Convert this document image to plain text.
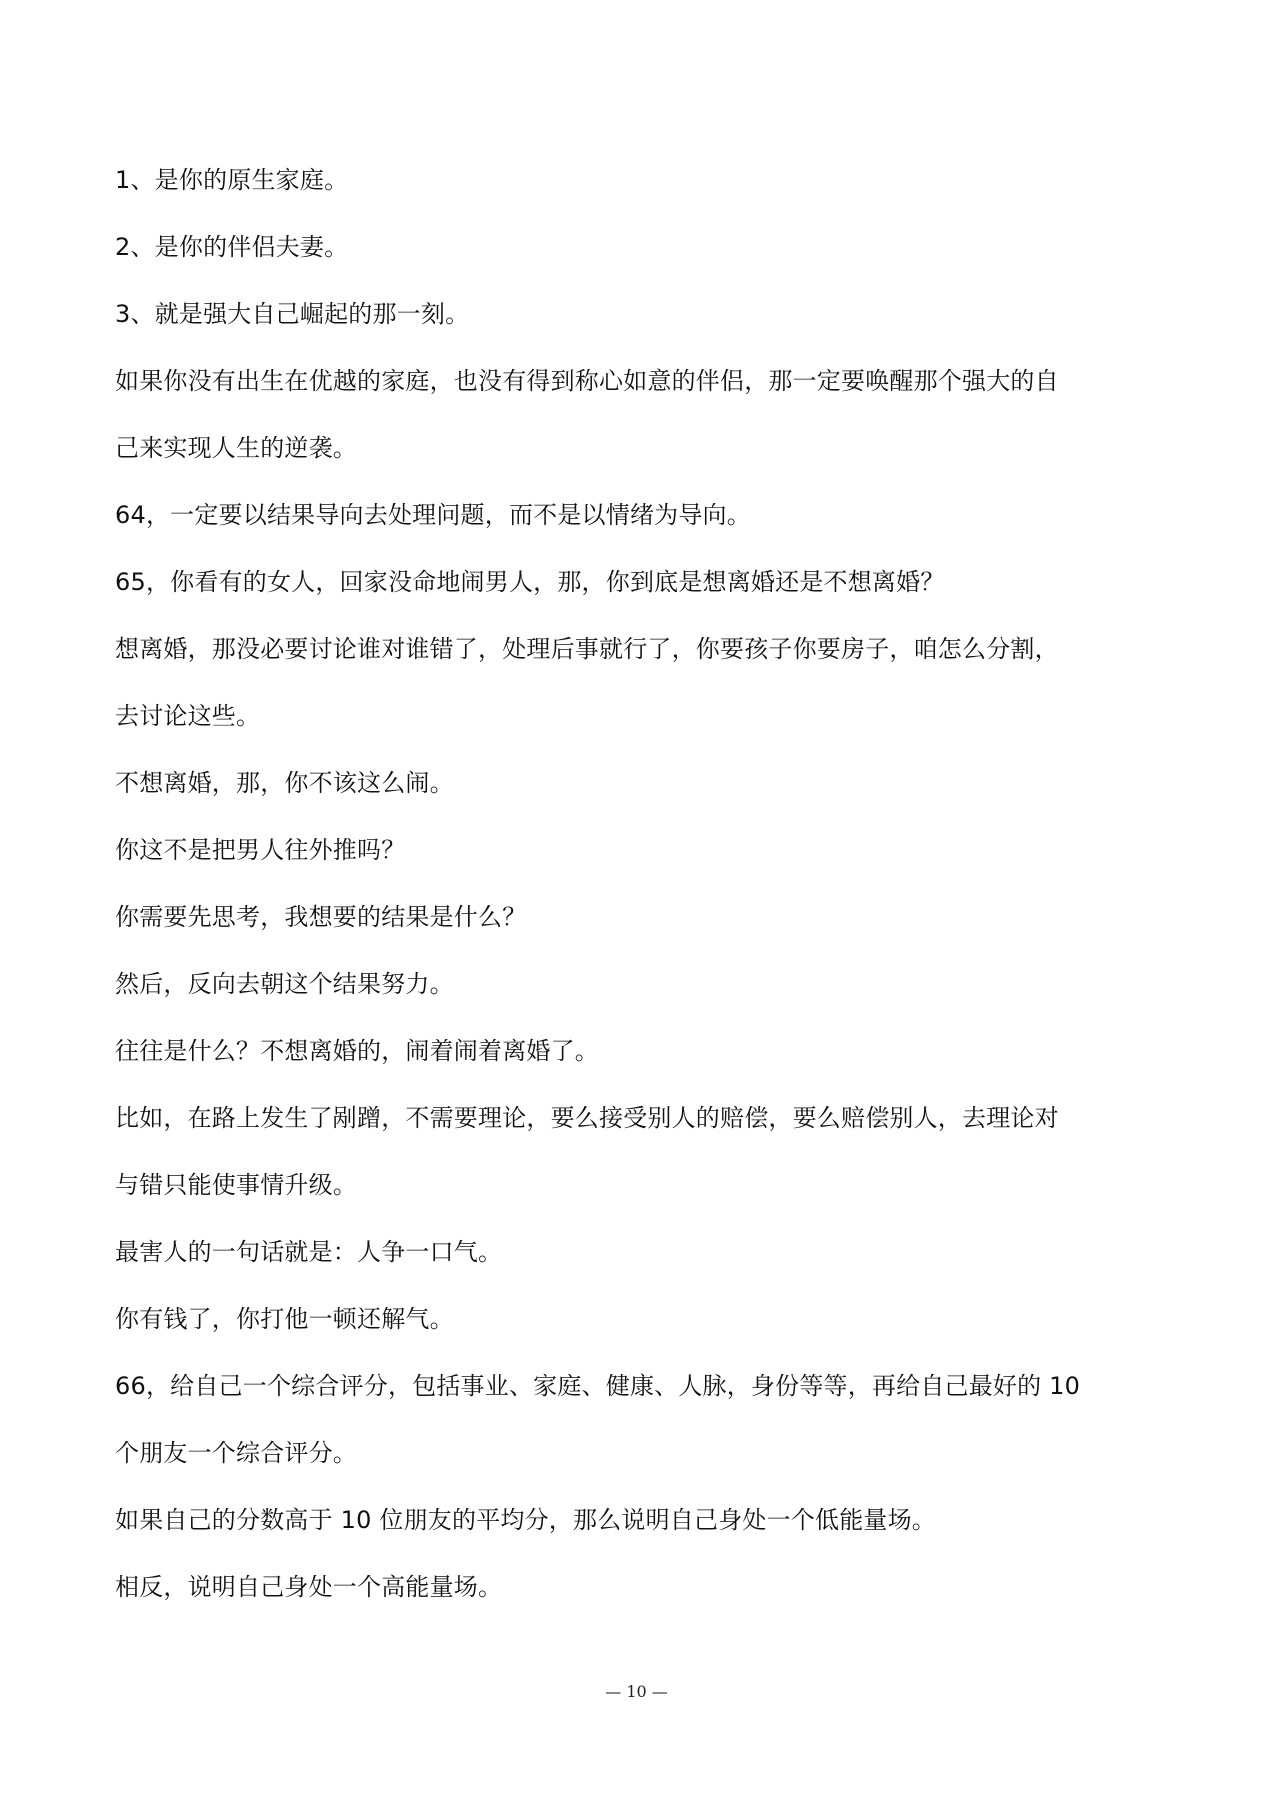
1、是你的原生家庭。

2、是你的伴侣夫妻。

3、就是强大自己崛起的那一刻。

如果你没有出生在优越的家庭，也没有得到称心如意的伴侣，那一定要唤醒那个强大的自

己来实现人生的逆袭。

64，一定要以结果导向去处理问题，而不是以情绪为导向。

65，你看有的女人，回家没命地闹男人，那，你到底是想离婚还是不想离婚？

想离婚，那没必要讨论谁对谁错了，处理后事就行了，你要孩子你要房子，咱怎么分割，

去讨论这些。

不想离婚，那，你不该这么闹。

你这不是把男人往外推吗？

你需要先思考，我想要的结果是什么？

然后，反向去朝这个结果努力。

往往是什么？不想离婚的，闹着闹着离婚了。

比如，在路上发生了剐蹭，不需要理论，要么接受别人的赔偿，要么赔偿别人，去理论对

与错只能使事情升级。

最害人的一句话就是：人争一口气。

你有钱了，你打他一顿还解气。

66，给自己一个综合评分，包括事业、家庭、健康、人脉，身份等等，再给自己最好的 10

个朋友一个综合评分。

如果自己的分数高于 10 位朋友的平均分，那么说明自己身处一个低能量场。

相反，说明自己身处一个高能量场。

— 10 —
